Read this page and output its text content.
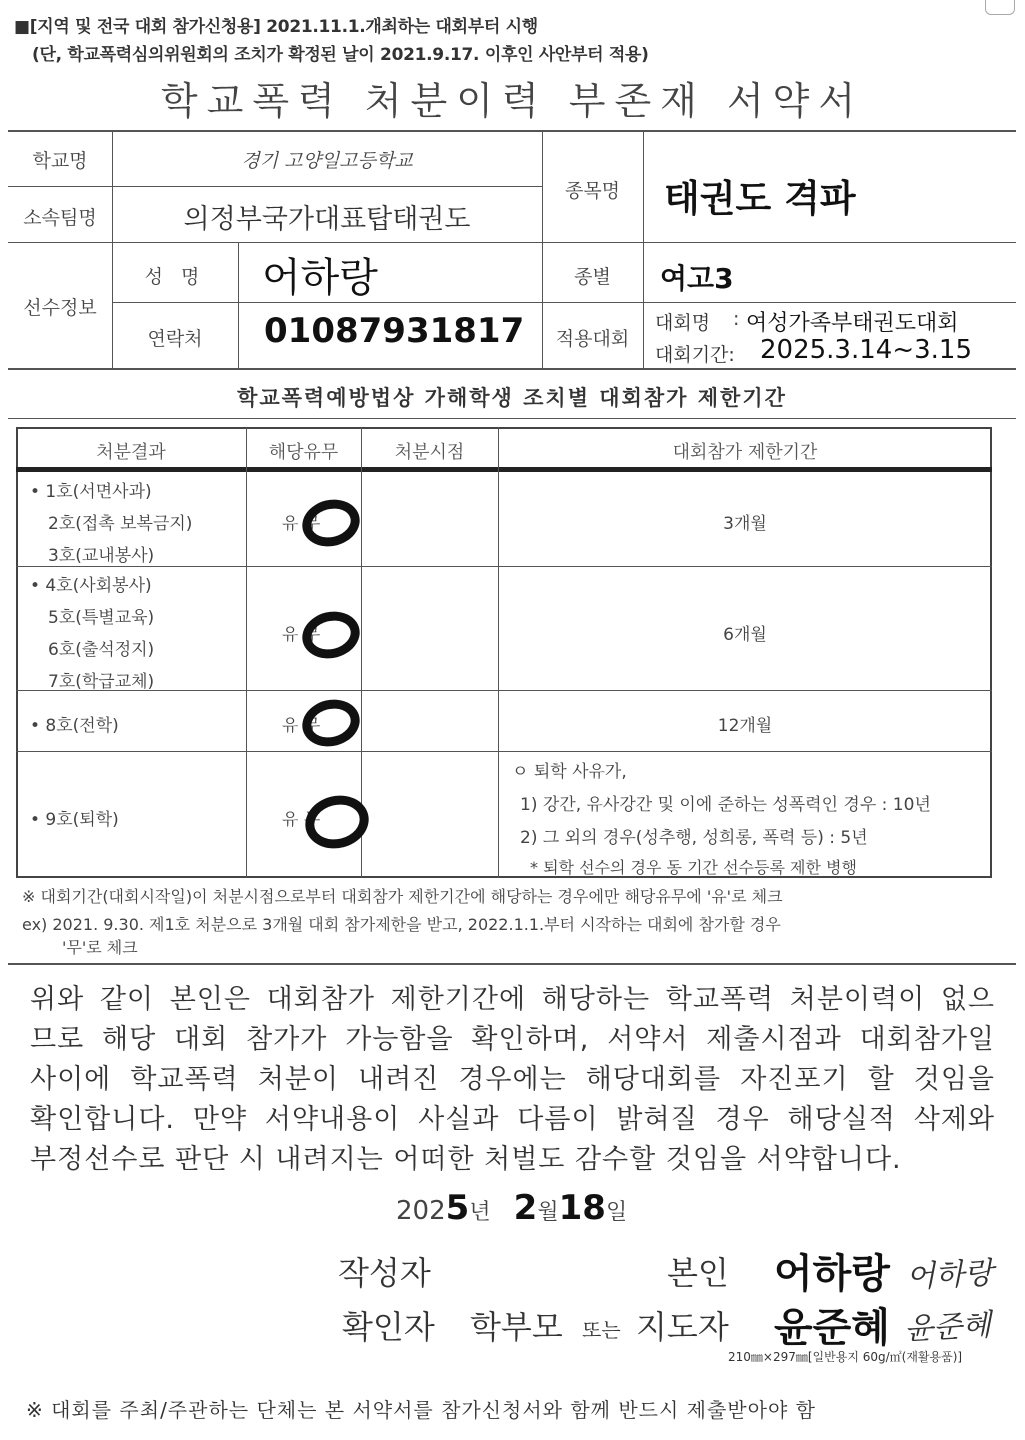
■[지역 및 전국 대회 참가신청용] 2021.11.1.개최하는 대회부터 시행
(단, 학교폭력심의위원회의 조치가 확정된 날이 2021.9.17. 이후인 사안부터 적용)
학교폭력 처분이력 부존재 서약서
학교명	경기 고양일고등학교
소속팀명	의정부국가대표탑태권도
종목명	태권도 격파
선수정보
성 명	어하랑
연락처	01087931817
종별	여고3
적용대회
대회명 : 여성가족부태권도대회
대회기간: 2025.3.14~3.15
학교폭력예방법상 가해학생 조치별 대회참가 제한기간
처분결과	해당유무	처분시점	대회참가 제한기간
• 1호(서면사과)
2호(접촉 보복금지)
3호(교내봉사)
유 무	3개월
• 4호(사회봉사)
5호(특별교육)
6호(출석정지)
7호(학급교체)
유 무	6개월
• 8호(전학)	유 무	12개월
• 9호(퇴학)	유 무
ㅇ 퇴학 사유가,
1) 강간, 유사강간 및 이에 준하는 성폭력인 경우 : 10년
2) 그 외의 경우(성추행, 성희롱, 폭력 등) : 5년
* 퇴학 선수의 경우 동 기간 선수등록 제한 병행
※ 대회기간(대회시작일)이 처분시점으로부터 대회참가 제한기간에 해당하는 경우에만 해당유무에 '유'로 체크
ex) 2021. 9.30. 제1호 처분으로 3개월 대회 참가제한을 받고, 2022.1.1.부터 시작하는 대회에 참가할 경우
'무'로 체크
위와 같이 본인은 대회참가 제한기간에 해당하는 학교폭력 처분이력이 없으
므로 해당 대회 참가가 가능함을 확인하며, 서약서 제출시점과 대회참가일
사이에 학교폭력 처분이 내려진 경우에는 해당대회를 자진포기 할 것임을
확인합니다. 만약 서약내용이 사실과 다름이 밝혀질 경우 해당실적 삭제와
부정선수로 판단 시 내려지는 어떠한 처벌도 감수할 것임을 서약합니다.
2025년 2월18일
작성자	본인 어하랑 어하랑
확인자 학부모 또는 지도자 윤준혜 윤준혜
210㎜×297㎜[일반용지 60g/㎡(재활용품)]
※ 대회를 주최/주관하는 단체는 본 서약서를 참가신청서와 함께 반드시 제출받아야 함
